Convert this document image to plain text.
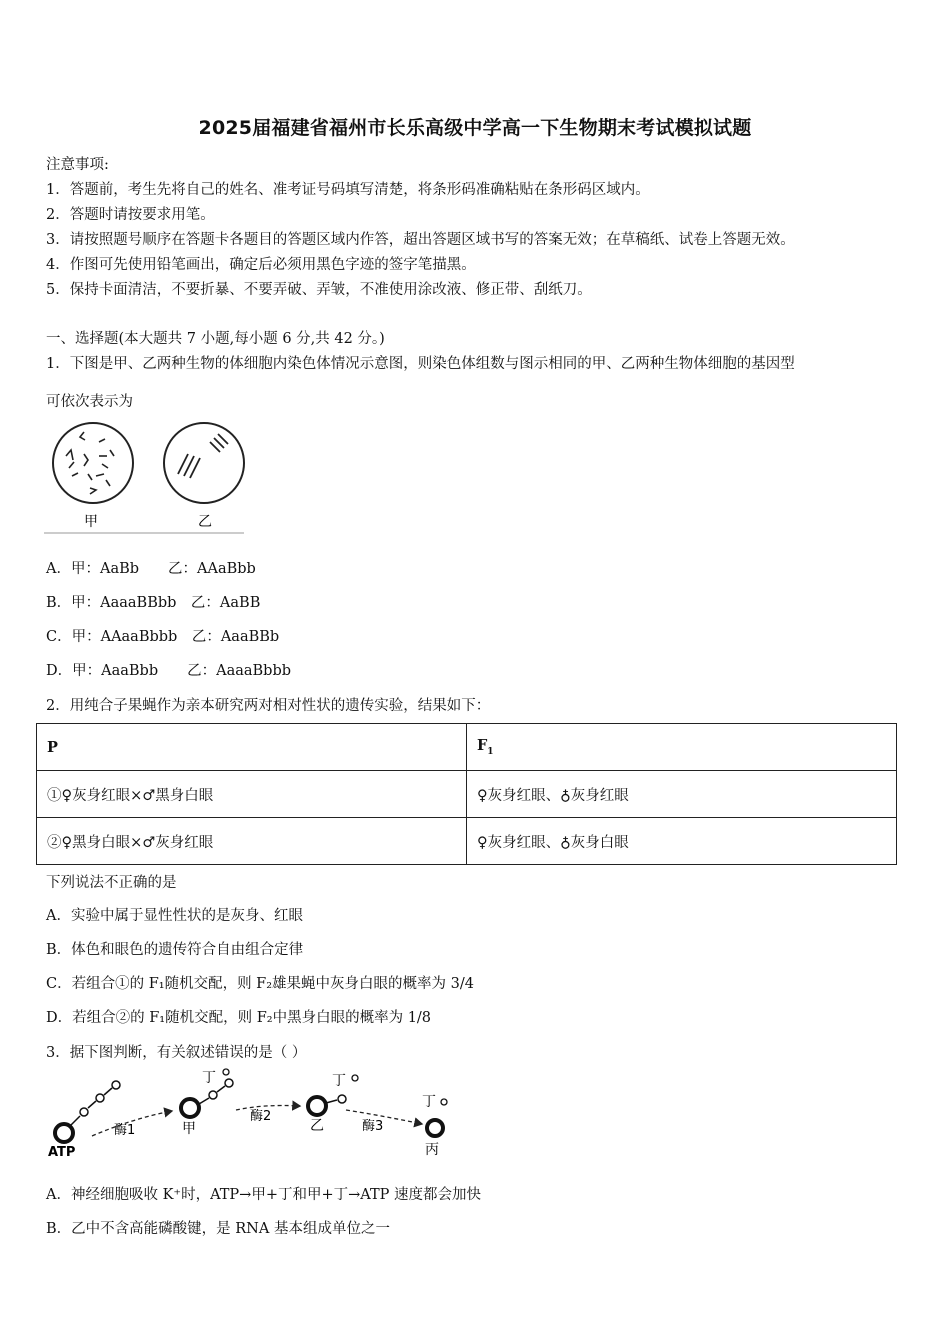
2025届福建省福州市长乐高级中学高一下生物期末考试模拟试题
注意事项:
1．答题前，考生先将自己的姓名、准考证号码填写清楚，将条形码准确粘贴在条形码区域内。
2．答题时请按要求用笔。
3．请按照题号顺序在答题卡各题目的答题区域内作答，超出答题区域书写的答案无效；在草稿纸、试卷上答题无效。
4．作图可先使用铅笔画出，确定后必须用黑色字迹的签字笔描黑。
5．保持卡面清洁，不要折暴、不要弄破、弄皱，不准使用涂改液、修正带、刮纸刀。
一、选择题(本大题共 7 小题,每小题 6 分,共 42 分。)
1．下图是甲、乙两种生物的体细胞内染色体情况示意图，则染色体组数与图示相同的甲、乙两种生物体细胞的基因型
可依次表示为
甲	乙
A．甲：AaBb　　乙：AAaBbb
B．甲：AaaaBBbb　乙：AaBB
C．甲：AAaaBbbb　乙：AaaBBb
D．甲：AaaBbb　　乙：AaaaBbbb
2．用纯合子果蝇作为亲本研究两对相对性状的遗传实验，结果如下：
P	$F_1$
①♀灰身红眼×♂黑身白眼	♀灰身红眼、♁灰身红眼
②♀黑身白眼×♂灰身红眼	♀灰身红眼、♁灰身白眼
下列说法不正确的是
A．实验中属于显性性状的是灰身、红眼
B．体色和眼色的遗传符合自由组合定律
C．若组合①的 F₁随机交配，则 F₂雄果蝇中灰身白眼的概率为 3/4
D．若组合②的 F₁随机交配，则 F₂中黑身白眼的概率为 1/8
3．据下图判断，有关叙述错误的是（ ）
ATP
酶1	甲
丁
酶2
乙
丁
酶3
丙
丁
A．神经细胞吸收 K⁺时，ATP→甲+丁和甲+丁→ATP 速度都会加快
B．乙中不含高能磷酸键，是 RNA 基本组成单位之一
